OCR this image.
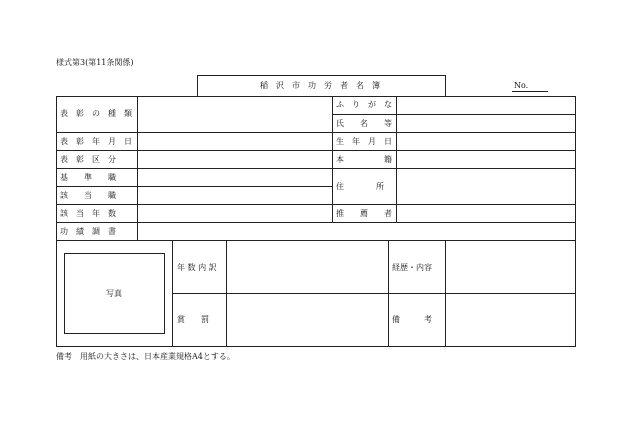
様式第3(第11条関係)
稲　沢　市　功　労　者　名　簿	No.
表　彰　の　種　類
表　彰　年　月　日
表　彰　区　分
基　　準　　職
該　　当　　職
該　当　年　数
功　績　調　書
ふ　り　が　な
氏　　名　　等
生　年　月　日
本　　　　　籍
住　　　　所
推　　薦　　者
写真
年 数 内 訳
賞　　罰
経歴・内容
備　　　考
備考　用紙の大きさは、日本産業規格A4とする。
